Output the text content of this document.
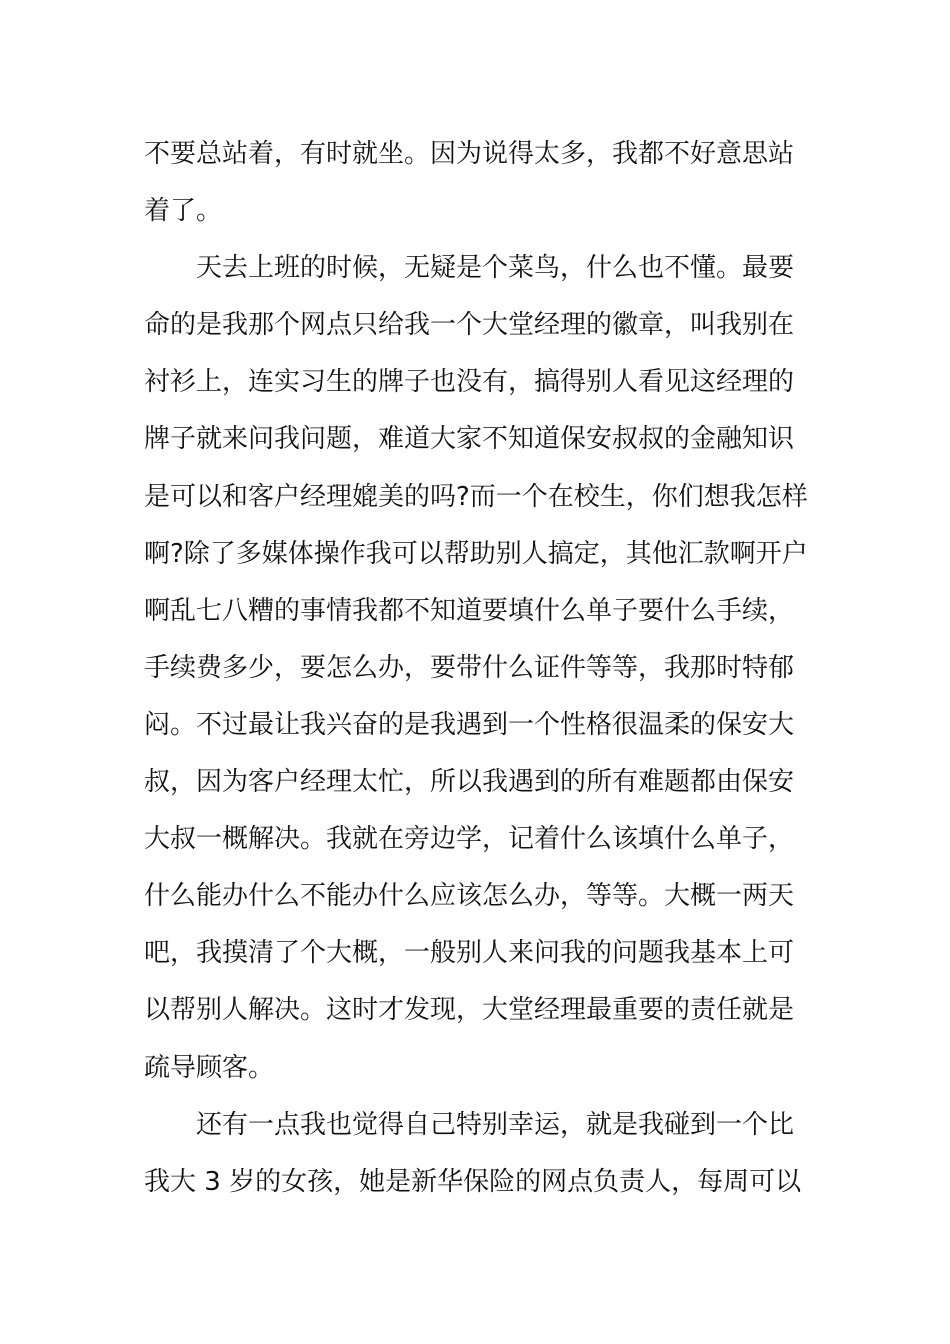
不要总站着，有时就坐。因为说得太多，我都不好意思站
着了。
天去上班的时候，无疑是个菜鸟，什么也不懂。最要
命的是我那个网点只给我一个大堂经理的徽章，叫我别在
衬衫上，连实习生的牌子也没有，搞得别人看见这经理的
牌子就来问我问题，难道大家不知道保安叔叔的金融知识
是可以和客户经理媲美的吗?而一个在校生，你们想我怎样
啊?除了多媒体操作我可以帮助别人搞定，其他汇款啊开户
啊乱七八糟的事情我都不知道要填什么单子要什么手续，
手续费多少，要怎么办，要带什么证件等等，我那时特郁
闷。不过最让我兴奋的是我遇到一个性格很温柔的保安大
叔，因为客户经理太忙，所以我遇到的所有难题都由保安
大叔一概解决。我就在旁边学，记着什么该填什么单子，
什么能办什么不能办什么应该怎么办，等等。大概一两天
吧，我摸清了个大概，一般别人来问我的问题我基本上可
以帮别人解决。这时才发现，大堂经理最重要的责任就是
疏导顾客。
还有一点我也觉得自己特别幸运，就是我碰到一个比
我大 3 岁的女孩，她是新华保险的网点负责人，每周可以
